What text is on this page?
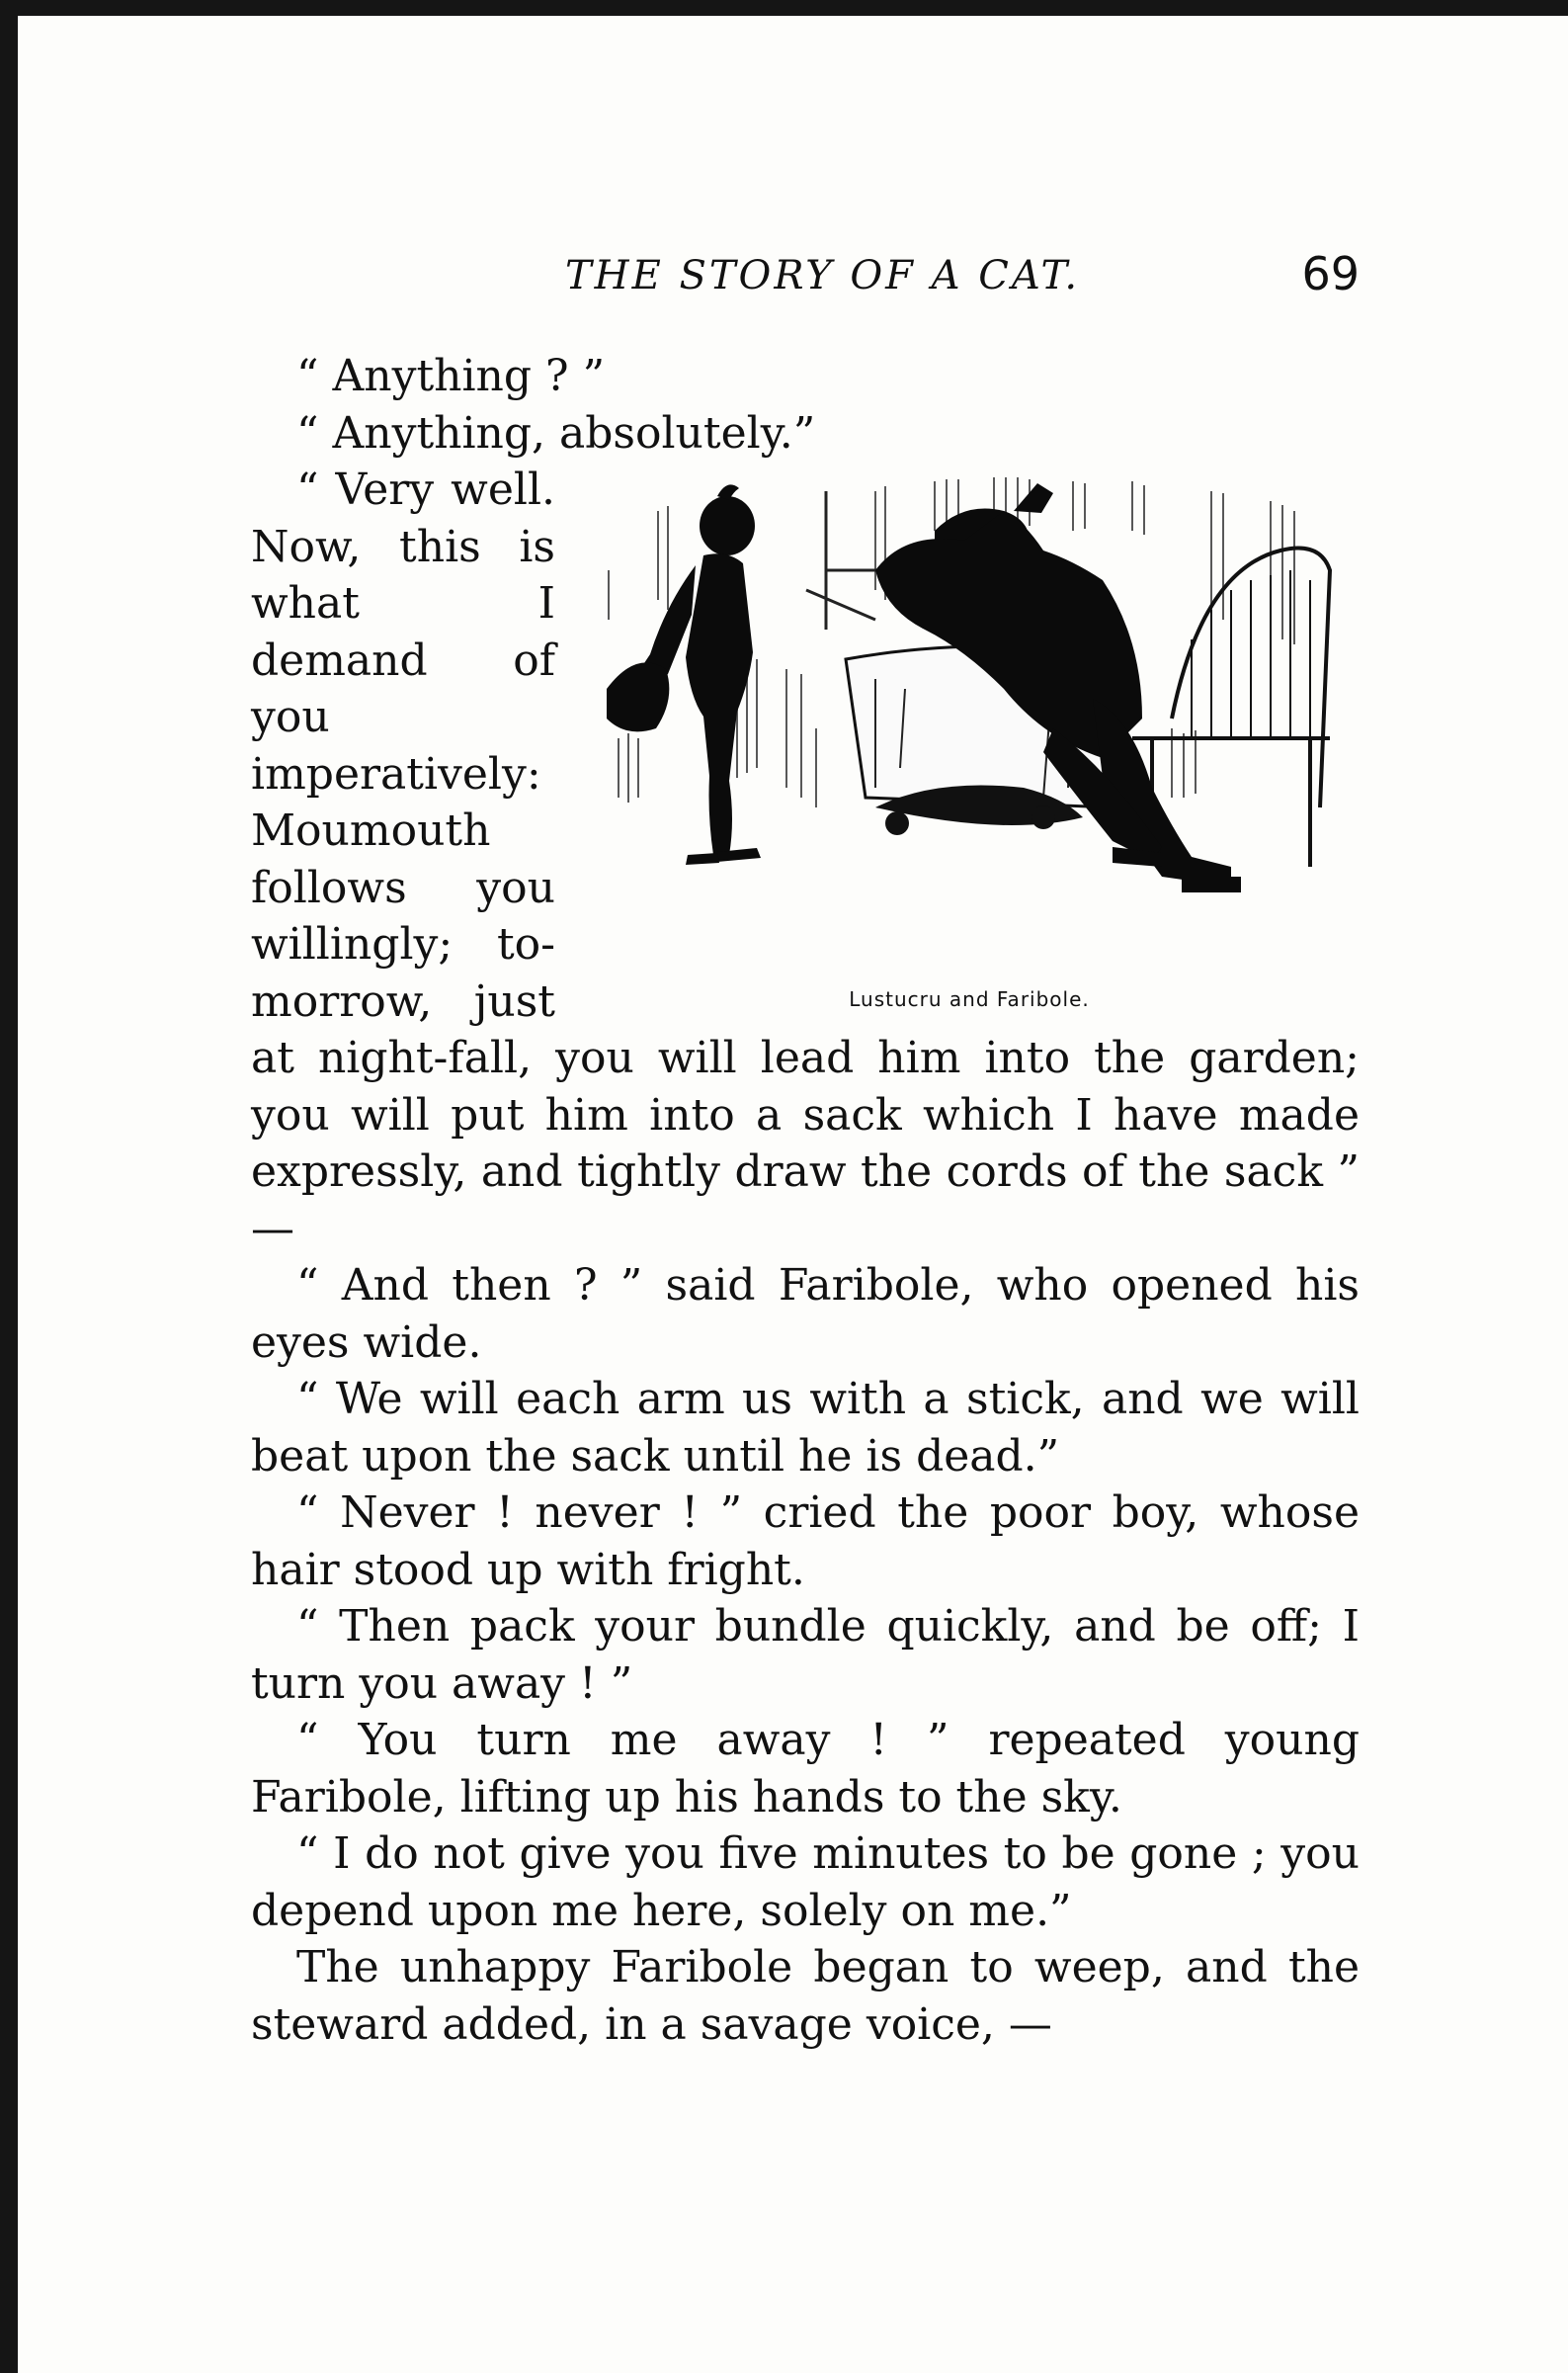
THE STORY OF A CAT.	69

“ Anything ? ”

“ Anything, absolutely.”

Lustucru and Faribole.

“ Very well. Now, this is what I demand of you imperatively: Moumouth follows you willingly; to-morrow, just at night-fall, you will lead him into the garden; you will put him into a sack which I have made expressly, and tightly draw the cords of the sack ” —

“ And then ? ” said Faribole, who opened his eyes wide.

“ We will each arm us with a stick, and we will beat upon the sack until he is dead.”

“ Never ! never ! ” cried the poor boy, whose hair stood up with fright.

“ Then pack your bundle quickly, and be off; I turn you away ! ”

“ You turn me away ! ” repeated young Faribole, lifting up his hands to the sky.

“ I do not give you five minutes to be gone ; you depend upon me here, solely on me.”

The unhappy Faribole began to weep, and the steward added, in a savage voice, —
